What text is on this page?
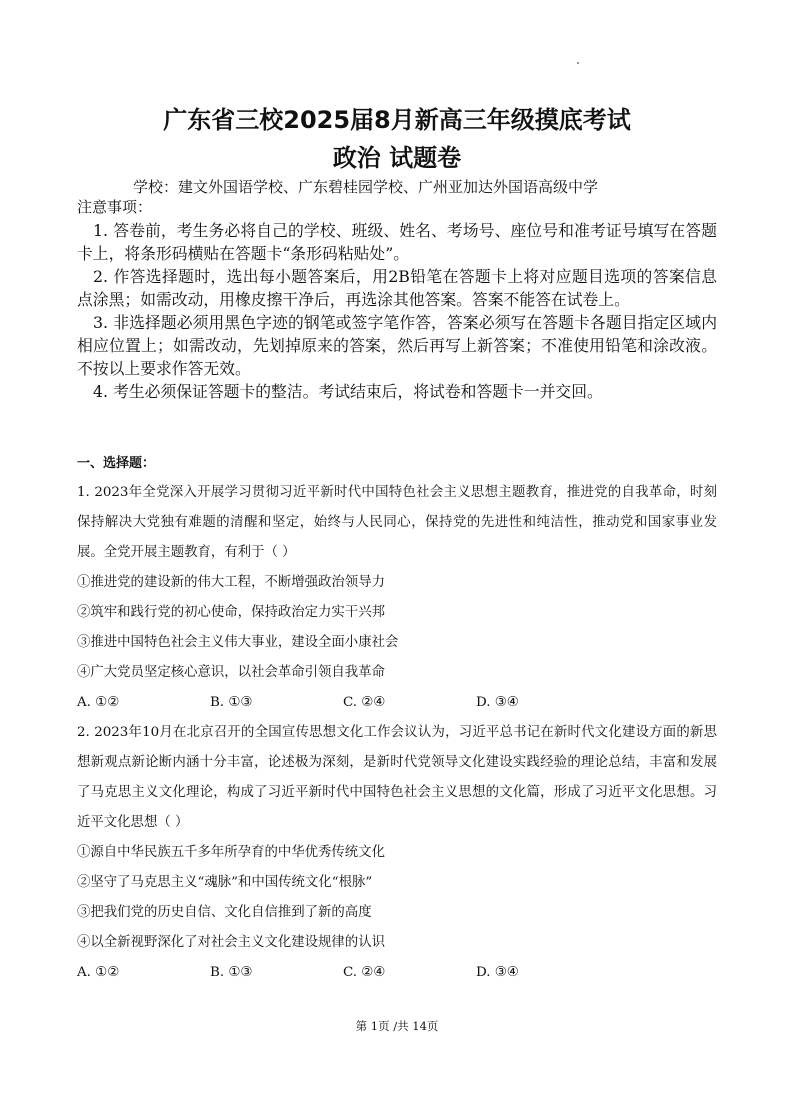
广东省三校2025届8月新高三年级摸底考试
政治 试题卷
学校：建文外国语学校、广东碧桂园学校、广州亚加达外国语高级中学
注意事项：

1. 答卷前，考生务必将自己的学校、班级、姓名、考场号、座位号和准考证号填写在答题卡上，将条形码横贴在答题卡“条形码粘贴处”。

2. 作答选择题时，选出每小题答案后，用2B铅笔在答题卡上将对应题目选项的答案信息点涂黑；如需改动，用橡皮擦干净后，再选涂其他答案。答案不能答在试卷上。

3. 非选择题必须用黑色字迹的钢笔或签字笔作答，答案必须写在答题卡各题目指定区域内相应位置上；如需改动，先划掉原来的答案，然后再写上新答案；不准使用铅笔和涂改液。不按以上要求作答无效。

4. 考生必须保证答题卡的整洁。考试结束后，将试卷和答题卡一并交回。

一、选择题：

1. 2023年全党深入开展学习贯彻习近平新时代中国特色社会主义思想主题教育，推进党的自我革命，时刻保持解决大党独有难题的清醒和坚定，始终与人民同心，保持党的先进性和纯洁性，推动党和国家事业发展。全党开展主题教育，有利于（ ）

①推进党的建设新的伟大工程，不断增强政治领导力

②筑牢和践行党的初心使命，保持政治定力实干兴邦

③推进中国特色社会主义伟大事业，建设全面小康社会

④广大党员坚定核心意识，以社会革命引领自我革命

A. ①②	B. ①③	C. ②④	D. ③④

2. 2023年10月在北京召开的全国宣传思想文化工作会议认为，习近平总书记在新时代文化建设方面的新思想新观点新论断内涵十分丰富，论述极为深刻，是新时代党领导文化建设实践经验的理论总结，丰富和发展了马克思主义文化理论，构成了习近平新时代中国特色社会主义思想的文化篇，形成了习近平文化思想。习近平文化思想（ ）

①源自中华民族五千多年所孕育的中华优秀传统文化

②坚守了马克思主义“魂脉”和中国传统文化“根脉”

③把我们党的历史自信、文化自信推到了新的高度

④以全新视野深化了对社会主义文化建设规律的认识

A. ①②	B. ①③	C. ②④	D. ③④
第 1页 /共 14页
